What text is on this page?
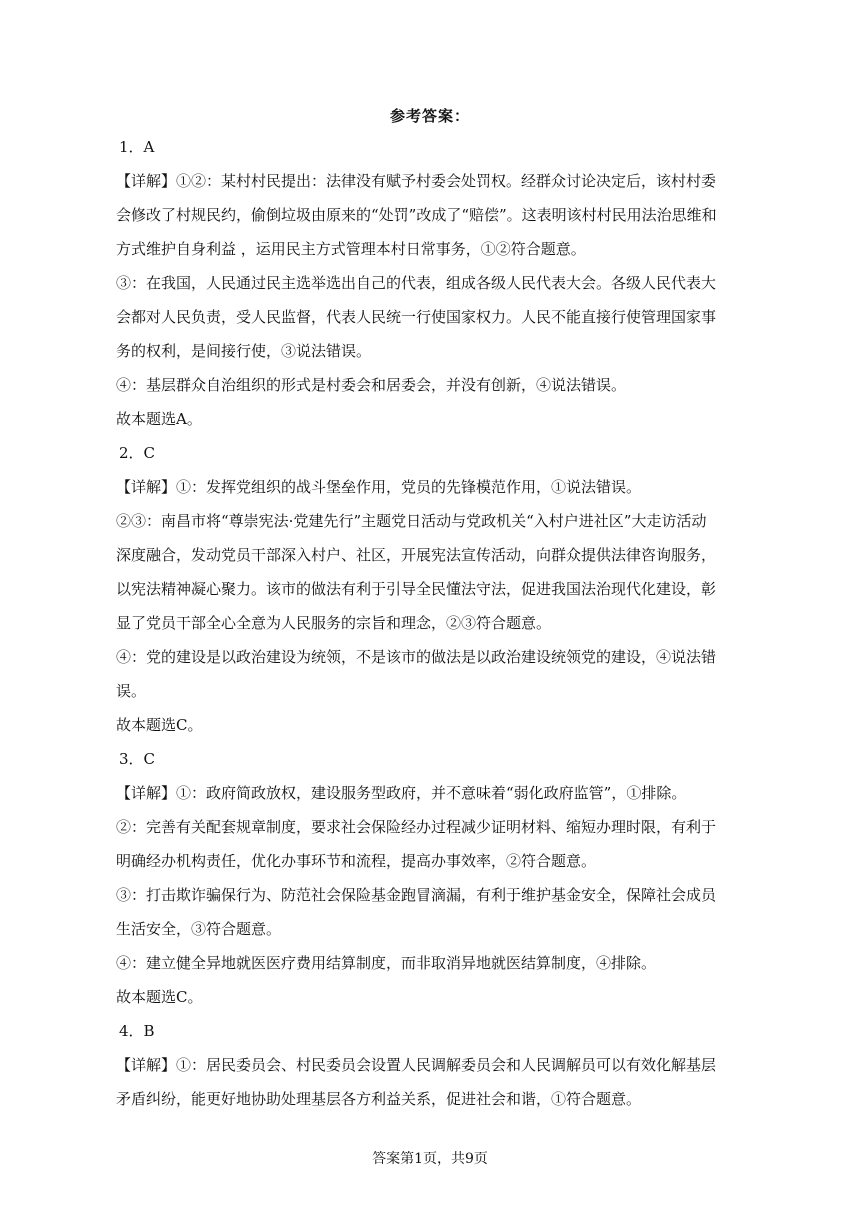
参考答案：
1．A
【详解】①②：某村村民提出：法律没有赋予村委会处罚权。经群众讨论决定后，该村村委
会修改了村规民约，偷倒垃圾由原来的“处罚”改成了“赔偿”。这表明该村村民用法治思维和
方式维护自身利益 ，运用民主方式管理本村日常事务，①②符合题意。
③：在我国，人民通过民主选举选出自己的代表，组成各级人民代表大会。各级人民代表大
会都对人民负责，受人民监督，代表人民统一行使国家权力。人民不能直接行使管理国家事
务的权利，是间接行使，③说法错误。
④：基层群众自治组织的形式是村委会和居委会，并没有创新，④说法错误。
故本题选A。
2．C
【详解】①：发挥党组织的战斗堡垒作用，党员的先锋模范作用，①说法错误。
②③：南昌市将“尊崇宪法·党建先行”主题党日活动与党政机关“入村户进社区”大走访活动
深度融合，发动党员干部深入村户、社区，开展宪法宣传活动，向群众提供法律咨询服务，
以宪法精神凝心聚力。该市的做法有利于引导全民懂法守法，促进我国法治现代化建设，彰
显了党员干部全心全意为人民服务的宗旨和理念，②③符合题意。
④：党的建设是以政治建设为统领，不是该市的做法是以政治建设统领党的建设，④说法错
误。
故本题选C。
3．C
【详解】①：政府简政放权，建设服务型政府，并不意味着“弱化政府监管”，①排除。
②：完善有关配套规章制度，要求社会保险经办过程减少证明材料、缩短办理时限，有利于
明确经办机构责任，优化办事环节和流程，提高办事效率，②符合题意。
③：打击欺诈骗保行为、防范社会保险基金跑冒滴漏，有利于维护基金安全，保障社会成员
生活安全，③符合题意。
④：建立健全异地就医医疗费用结算制度，而非取消异地就医结算制度，④排除。
故本题选C。
4．B
【详解】①：居民委员会、村民委员会设置人民调解委员会和人民调解员可以有效化解基层
矛盾纠纷，能更好地协助处理基层各方利益关系，促进社会和谐，①符合题意。
答案第1页，共9页
